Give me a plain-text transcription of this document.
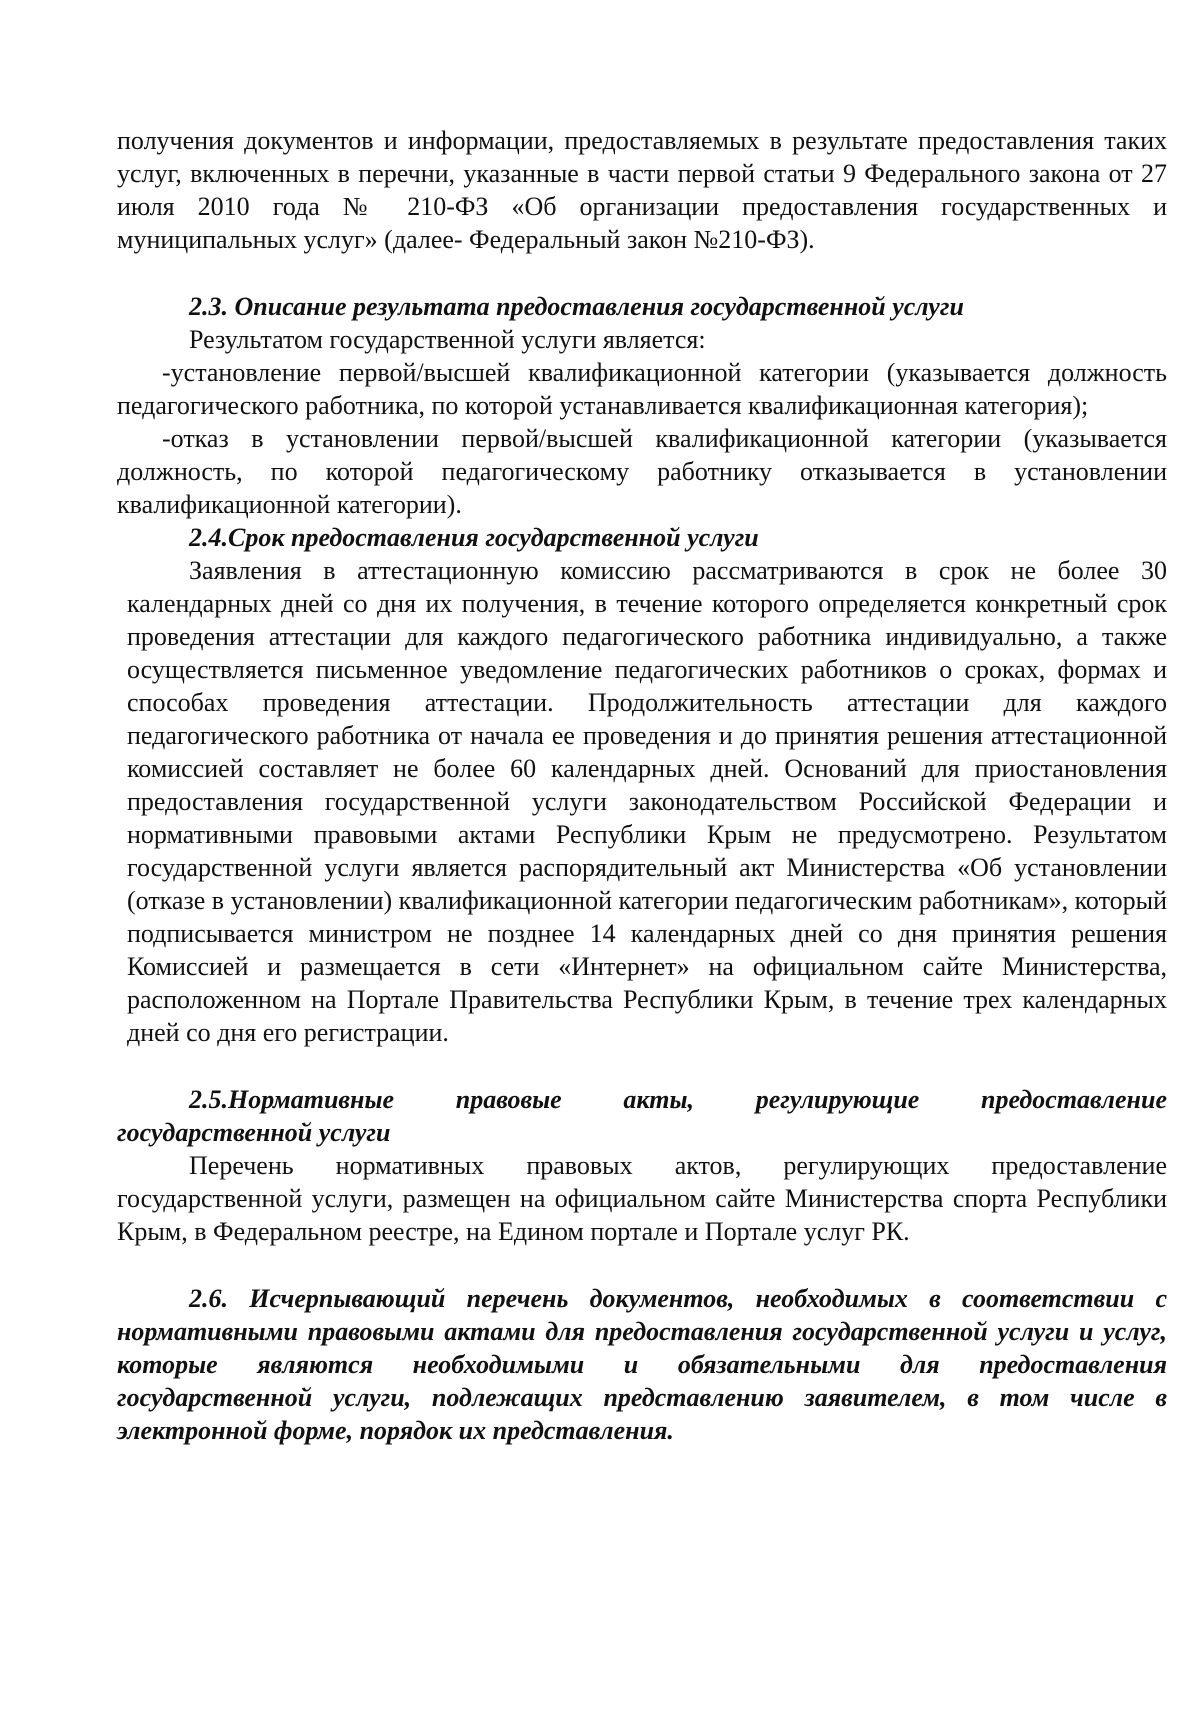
получения документов и информации, предоставляемых в результате предоставления таких услуг, включенных в перечни, указанные в части первой статьи 9 Федерального закона от 27 июля 2010 года № 210-ФЗ «Об организации предоставления государственных и муниципальных услуг» (далее- Федеральный закон №210-ФЗ).

2.3. Описание результата предоставления государственной услуги

Результатом государственной услуги является:

-установление первой/высшей квалификационной категории (указывается должность педагогического работника, по которой устанавливается квалификационная категория);

-отказ в установлении первой/высшей квалификационной категории (указывается должность, по которой педагогическому работнику отказывается в установлении квалификационной категории).

2.4.Срок предоставления государственной услуги

Заявления в аттестационную комиссию рассматриваются в срок не более 30 календарных дней со дня их получения, в течение которого определяется конкретный срок проведения аттестации для каждого педагогического работника индивидуально, а также осуществляется письменное уведомление педагогических работников о сроках, формах и способах проведения аттестации. Продолжительность аттестации для каждого педагогического работника от начала ее проведения и до принятия решения аттестационной комиссией составляет не более 60 календарных дней. Оснований для приостановления предоставления государственной услуги законодательством Российской Федерации и нормативными правовыми актами Республики Крым не предусмотрено. Результатом государственной услуги является распорядительный акт Министерства «Об установлении (отказе в установлении) квалификационной категории педагогическим работникам», который подписывается министром не позднее 14 календарных дней со дня принятия решения Комиссией и размещается в сети «Интернет» на официальном сайте Министерства, расположенном на Портале Правительства Республики Крым, в течение трех календарных дней со дня его регистрации.

2.5.Нормативные правовые акты, регулирующие предоставление

государственной услуги

Перечень нормативных правовых актов, регулирующих предоставление государственной услуги, размещен на официальном сайте Министерства спорта Республики Крым, в Федеральном реестре, на Едином портале и Портале услуг РК.

2.6. Исчерпывающий перечень документов, необходимых в соответствии с нормативными правовыми актами для предоставления государственной услуги и услуг, которые являются необходимыми и обязательными для предоставления государственной услуги, подлежащих представлению заявителем, в том числе в электронной форме, порядок их представления.
